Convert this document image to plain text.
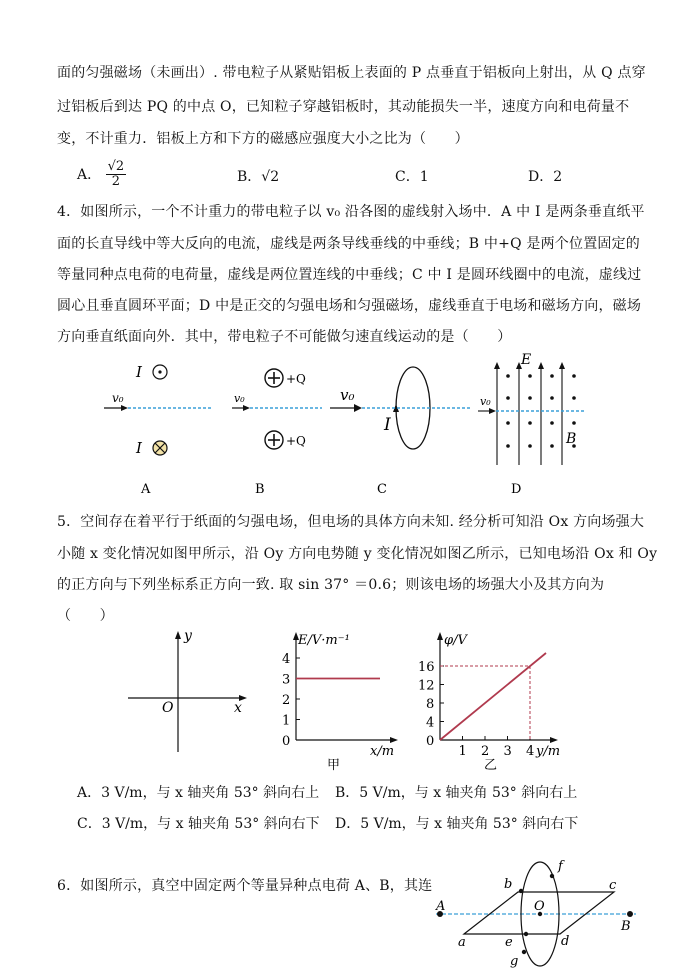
面的匀强磁场（未画出）. 带电粒子从紧贴铝板上表面的 P 点垂直于铝板向上射出，从 Q 点穿
过铝板后到达 PQ 的中点 O，已知粒子穿越铝板时，其动能损失一半，速度方向和电荷量不
变，不计重力．铝板上方和下方的磁感应强度大小之比为（　　）
A． $\frac{√2}{2}$	B．√2	C．1	D．2
4．如图所示，一个不计重力的带电粒子以 v₀ 沿各图的虚线射入场中．A 中 I 是两条垂直纸平
面的长直导线中等大反向的电流，虚线是两条导线垂线的中垂线；B 中+Q 是两个位置固定的
等量同种点电荷的电荷量，虚线是两位置连线的中垂线；C 中 I 是圆环线圈中的电流，虚线过
圆心且垂直圆环平面；D 中是正交的匀强电场和匀强磁场，虚线垂直于电场和磁场方向，磁场
方向垂直纸面向外．其中，带电粒子不可能做匀速直线运动的是（　　）
I
I
v₀
A
+Q
+Q
v₀
B
v₀
I
C
E
v₀
B
D
5．空间存在着平行于纸面的匀强电场，但电场的具体方向未知. 经分析可知沿 Ox 方向场强大
小随 x 变化情况如图甲所示，沿 Oy 方向电势随 y 变化情况如图乙所示，已知电场沿 Ox 和 Oy
的正方向与下列坐标系正方向一致. 取 sin 37° ＝0.6；则该电场的场强大小及其方向为
（　　）
y
x
O
0
1
2
3
4
E/V·m⁻¹
x/m
甲
0
4
8
12
16
1 2 3 4
φ/V
y/m
乙
A．3 V/m，与 x 轴夹角 53° 斜向右上 B．5 V/m，与 x 轴夹角 53° 斜向右上
C．3 V/m，与 x 轴夹角 53° 斜向右下 D．5 V/m，与 x 轴夹角 53° 斜向右下
6．如图所示，真空中固定两个等量异种点电荷 A、B，其连
A
B
O
a
b	c
d
e
f
g
